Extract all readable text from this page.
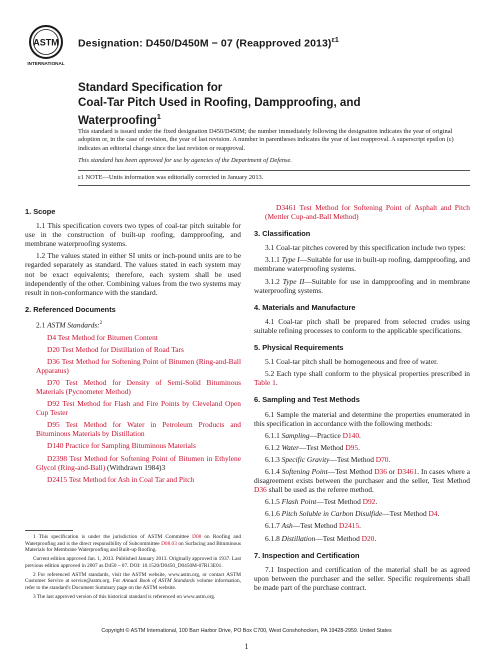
ASTM
INTERNATIONAL
Designation: D450/D450M − 07 (Reapproved 2013)$^{\varepsilon 1}$
Standard Specification for
Coal-Tar Pitch Used in Roofing, Dampproofing, and
Waterproofing$^1$

This standard is issued under the fixed designation D450/D450M; the number immediately following the designation indicates the year of original adoption or, in the case of revision, the year of last revision. A number in parentheses indicates the year of last reapproval. A superscript epsilon (ε) indicates an editorial change since the last revision or reapproval.

This standard has been approved for use by agencies of the Department of Defense.

ε1 NOTE—Units information was editorially corrected in January 2013.
1. Scope

1.1 This specification covers two types of coal-tar pitch suitable for use in the construction of built-up roofing, dampproofing, and membrane waterproofing systems.

1.2 The values stated in either SI units or inch-pound units are to be regarded separately as standard. The values stated in each system may not be exact equivalents; therefore, each system shall be used independently of the other. Combining values from the two systems may result in non-conformance with the standard.

2. Referenced Documents

2.1 ASTM Standards:$^2$

D4 Test Method for Bitumen Content

D20 Test Method for Distillation of Road Tars

D36 Test Method for Softening Point of Bitumen (Ring-and-Ball Apparatus)

D70 Test Method for Density of Semi-Solid Bituminous Materials (Pycnometer Method)

D92 Test Method for Flash and Fire Points by Cleveland Open Cup Tester

D95 Test Method for Water in Petroleum Products and Bituminous Materials by Distillation

D140 Practice for Sampling Bituminous Materials

D2398 Test Method for Softening Point of Bitumen in Ethylene Glycol (Ring-and-Ball) (Withdrawn 1984)3

D2415 Test Method for Ash in Coal Tar and Pitch

D3461 Test Method for Softening Point of Asphalt and Pitch (Mettler Cup-and-Ball Method)

3. Classification

3.1 Coal-tar pitches covered by this specification include two types:

3.1.1 Type I—Suitable for use in built-up roofing, dampproofing, and membrane waterproofing systems.

3.1.2 Type II—Suitable for use in dampproofing and in membrane waterproofing systems.

4. Materials and Manufacture

4.1 Coal-tar pitch shall be prepared from selected crudes using suitable refining processes to conform to the applicable specifications.

5. Physical Requirements

5.1 Coal-tar pitch shall be homogeneous and free of water.

5.2 Each type shall conform to the physical properties prescribed in Table 1.

6. Sampling and Test Methods

6.1 Sample the material and determine the properties enumerated in this specification in accordance with the following methods:

6.1.1 Sampling—Practice D140.

6.1.2 Water—Test Method D95.

6.1.3 Specific Gravity—Test Method D70.

6.1.4 Softening Point—Test Method D36 or D3461. In cases where a disagreement exists between the purchaser and the seller, Test Method D36 shall be used as the referee method.

6.1.5 Flash Point—Test Method D92.

6.1.6 Pitch Soluble in Carbon Disulfide—Test Method D4.

6.1.7 Ash—Test Method D2415.

6.1.8 Distillation—Test Method D20.

7. Inspection and Certification

7.1 Inspection and certification of the material shall be as agreed upon between the purchaser and the seller. Specific requirements shall be made part of the purchase contract.

1 This specification is under the jurisdiction of ASTM Committee D08 on Roofing and Waterproofing and is the direct responsibility of Subcommittee D08.03 on Surfacing and Bituminous Materials for Membrane Waterproofing and Built-up Roofing.

Current edition approved Jan. 1, 2013. Published January 2013. Originally approved in 1937. Last previous edition approved in 2007 as D450 – 07. DOI: 10.1520/D0450_D0450M-07R13E01.

2 For referenced ASTM standards, visit the ASTM website, www.astm.org, or contact ASTM Customer Service at service@astm.org. For Annual Book of ASTM Standards volume information, refer to the standard's Document Summary page on the ASTM website.

3 The last approved version of this historical standard is referenced on www.astm.org.

Copyright © ASTM International, 100 Barr Harbor Drive, PO Box C700, West Conshohocken, PA 19428-2959. United States
1
